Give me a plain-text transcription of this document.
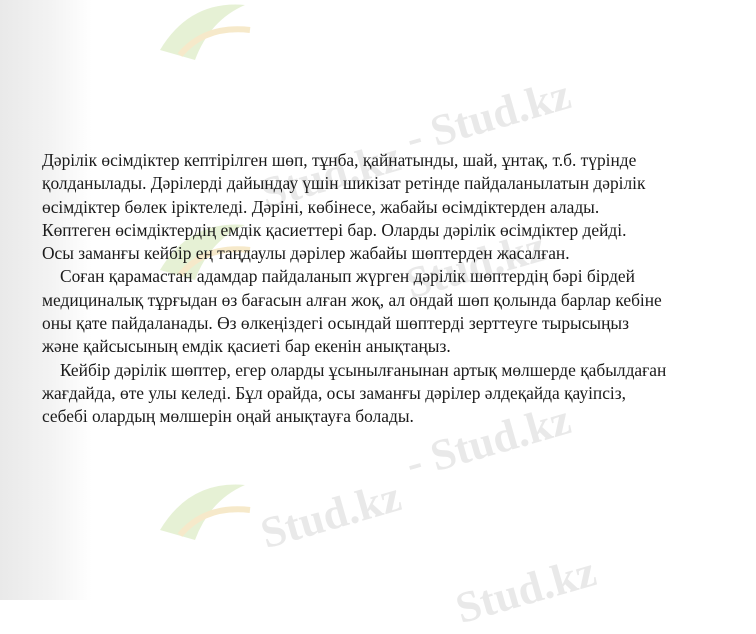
- Stud.kz
Stud.kz
Stud.kz
- Stud.kz
Stud.kz
Stud.kz

Дәрілік өсімдіктер кептірілген шөп, тұнба, қайнатынды, шай, ұнтақ, т.б. түрінде

қолданылады. Дәрілерді дайындау үшін шикізат ретінде пайдаланылатын дәрілік

өсімдіктер бөлек іріктеледі. Дәріні, көбінесе, жабайы өсімдіктерден алады.

Көптеген өсімдіктердің емдік қасиеттері бар. Оларды дәрілік өсімдіктер дейді.

Осы заманғы кейбір ең таңдаулы дәрілер жабайы шөптерден жасалған.

Соған қарамастан адамдар пайдаланып жүрген дәрілік шөптердің бәрі бірдей

медициналық тұрғыдан өз бағасын алған жоқ, ал ондай шөп қолында барлар кебіне

оны қате пайдаланады. Өз өлкеңіздегі осындай шөптерді зерттеуге тырысыңыз

және қайсысының емдік қасиеті бар екенін анықтаңыз.

Кейбір дәрілік шөптер, егер оларды ұсынылғанынан артық мөлшерде қабылдаған

жағдайда, өте улы келеді. Бұл орайда, осы заманғы дәрілер әлдеқайда қауіпсіз,

себебі олардың мөлшерін оңай анықтауға болады.
